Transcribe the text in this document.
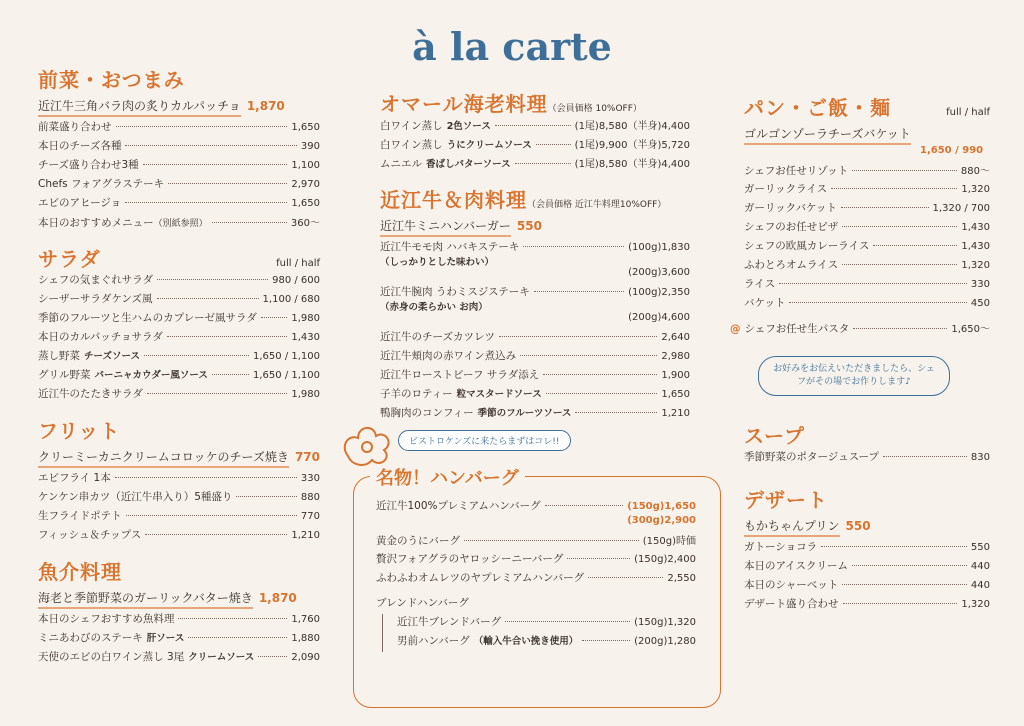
à la carte
前菜・おつまみ
近江牛三角バラ肉の炙りカルパッチョ 1,870
前菜盛り合わせ	1,650
本日のチーズ各種	390
チーズ盛り合わせ3種	1,100
Chefs フォアグラステーキ	2,970
エビのアヒージョ	1,650
本日のおすすめメニュー （別紙参照）	360～
サラダ	full / half
シェフの気まぐれサラダ	980 / 600
シーザーサラダケンズ風	1,100 / 680
季節のフルーツと生ハムのカプレーゼ風サラダ	1,980
本日のカルパッチョサラダ	1,430
蒸し野菜 チーズソース	1,650 / 1,100
グリル野菜 バーニャカウダー風ソース	1,650 / 1,100
近江牛のたたきサラダ	1,980
フリット
クリーミーカニクリームコロッケのチーズ焼き 770
エビフライ 1本	330
ケンケン串カツ（近江牛串入り）5種盛り	880
生フライドポテト	770
フィッシュ＆チップス	1,210
魚介料理
海老と季節野菜のガーリックバター焼き 1,870
本日のシェフおすすめ魚料理	1,760
ミニあわびのステーキ 肝ソース	1,880
天使のエビの白ワイン蒸し 3尾 クリームソース	2,090
オマール海老料理（会員価格 10%OFF）
白ワイン蒸し 2色ソース	(1尾)8,580（半身)4,400
白ワイン蒸し うにクリームソース	(1尾)9,900（半身)5,720
ムニエル 香ばしバターソース	(1尾)8,580（半身)4,400
近江牛＆肉料理（会員価格 近江牛料理10%OFF）
近江牛ミニハンバーガー 550
近江牛モモ肉 ハバキステーキ	(100g)1,830
（しっかりとした味わい）
(200g)3,600
近江牛腕肉 うわミスジステーキ	(100g)2,350
（赤身の柔らかい お肉）
(200g)4,600
近江牛のチーズカツレツ	2,640
近江牛頬肉の赤ワイン煮込み	2,980
近江牛ローストビーフ サラダ添え	1,900
子羊のロティー 粒マスタードソース	1,650
鴨胸肉のコンフィー 季節のフルーツソース	1,210
ビストロケンズに来たらまずはコレ!!
名物！ハンバーグ
近江牛100%プレミアムハンバーグ	(150g)1,650
(300g)2,900
黄金のうにバーグ	(150g)時価
贅沢フォアグラのヤロッシーニーバーグ	(150g)2,400
ふわふわオムレツのヤプレミアムハンバーグ	2,550
ブレンドハンバーグ
近江牛ブレンドバーグ	(150g)1,320
男前ハンバーグ （輸入牛合い挽き使用）	(200g)1,280
パン・ご飯・麺	full / half
ゴルゴンゾーラチーズバケット
1,650 / 990
シェフお任せリゾット	880～
ガーリックライス	1,320
ガーリックバケット	1,320 / 700
シェフのお任せピザ	1,430
シェフの欧風カレーライス	1,430
ふわとろオムライス	1,320
ライス	330
バケット	450
@ シェフお任せ生パスタ	1,650～
お好みをお伝えいただきましたら、シェフがその場でお作りします♪
スープ
季節野菜のポタージュスープ	830
デザート
もかちゃんプリン 550
ガトーショコラ	550
本日のアイスクリーム	440
本日のシャーベット	440
デザート盛り合わせ	1,320
